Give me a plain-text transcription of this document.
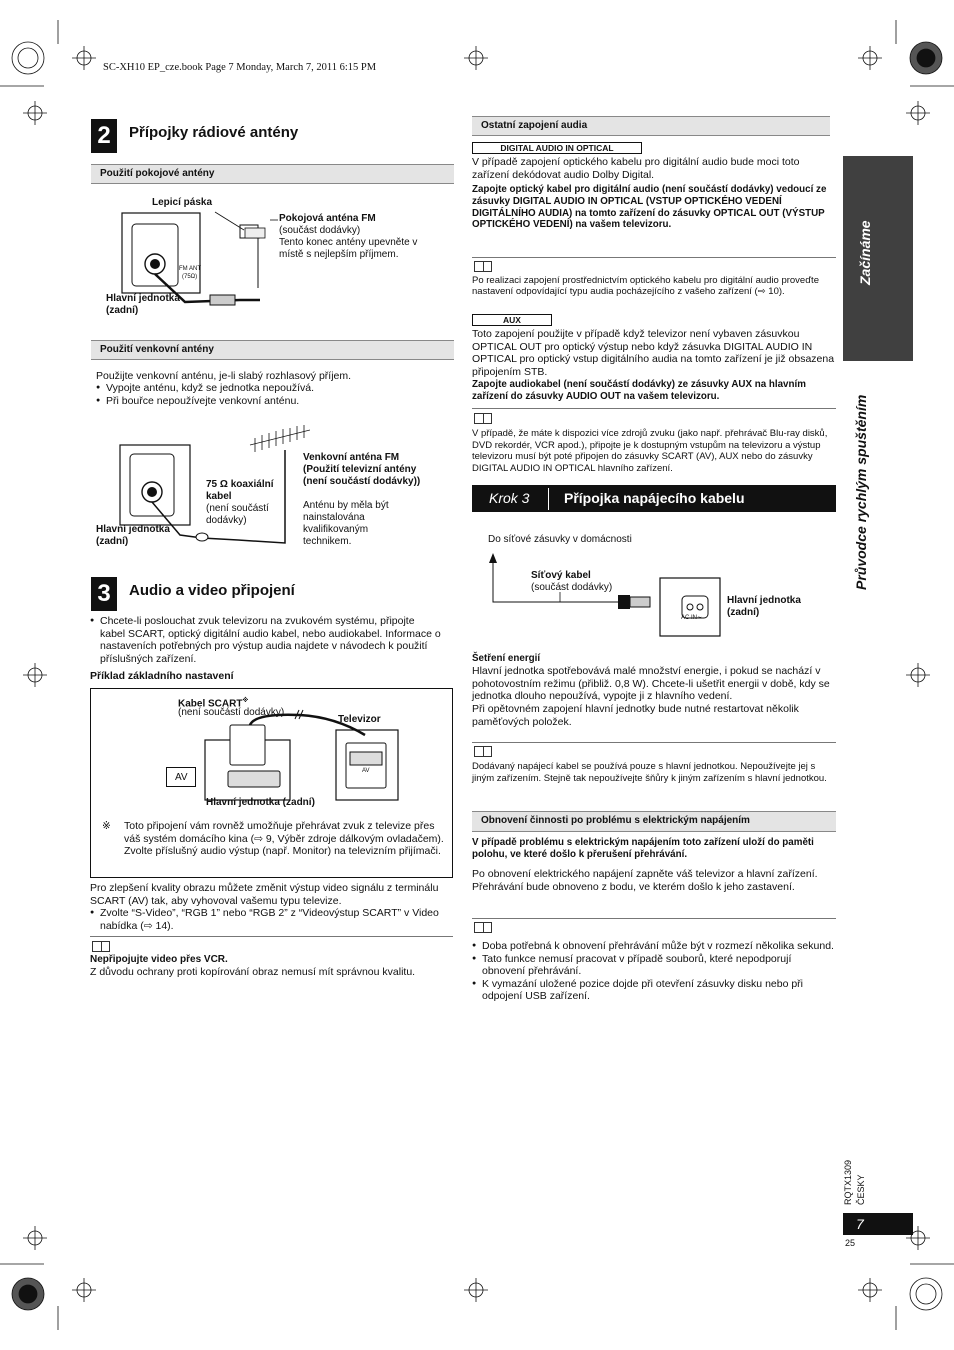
SC-XH10 EP_cze.book Page 7 Monday, March 7, 2011 6:15 PM
Začínáme
Průvodce rychlým spuštěním
2	Přípojky rádiové antény
Použití pokojové antény
FM ANT
(75Ω)
Lepicí páska
Pokojová anténa FM
(součást dodávky)
Tento konec antény upevněte v místě s nejlepším příjmem.
Hlavní jednotka (zadní)
Použití venkovní antény
Použijte venkovní anténu, je-li slabý rozhlasový příjem.
● Vypojte anténu, když se jednotka nepoužívá.
● Při bouřce nepoužívejte venkovní anténu.
75 Ω koaxiální kabel
(není součástí dodávky)
Venkovní anténa FM (Použití televizní antény (není součástí dodávky))
Anténu by měla být nainstalována kvalifikovaným technikem.
Hlavní jednotka (zadní)
3	Audio a video připojení
● Chcete-li poslouchat zvuk televizoru na zvukovém systému, připojte kabel SCART, optický digitální audio kabel, nebo audiokabel. Informace o nastaveních potřebných pro výstup audia najdete v návodech k použití příslušných zařízení.
Příklad základního nastavení
AV
AV
Kabel SCART※
(není součástí dodávky)
Televizor
Hlavní jednotka (zadní)
※ Toto připojení vám rovněž umožňuje přehrávat zvuk z televize přes váš systém domácího kina (⇨ 9, Výběr zdroje dálkovým ovladačem). Zvolte příslušný audio výstup (např. Monitor) na televizním přijímači.
Pro zlepšení kvality obrazu můžete změnit výstup video signálu z terminálu SCART (AV) tak, aby vyhovoval vašemu typu televize.
● Zvolte “S-Video”, “RGB 1” nebo “RGB 2” z “Videovýstup SCART” v Video nabídka (⇨ 14).
Nepřipojujte video přes VCR.
Z důvodu ochrany proti kopírování obraz nemusí mít správnou kvalitu.
Ostatní zapojení audia
DIGITAL AUDIO IN OPTICAL
V případě zapojení optického kabelu pro digitální audio bude moci toto zařízení dekódovat audio Dolby Digital.
Zapojte optický kabel pro digitální audio (není součástí dodávky) vedoucí ze zásuvky DIGITAL AUDIO IN OPTICAL (VSTUP OPTICKÉHO VEDENÍ DIGITÁLNÍHO AUDIA) na tomto zařízení do zásuvky OPTICAL OUT (VÝSTUP OPTICKÉHO VEDENÍ) na vašem televizoru.
Po realizaci zapojení prostřednictvím optického kabelu pro digitální audio proveďte nastavení odpovídající typu audia pocházejícího z vašeho zařízení (⇨ 10).
AUX
Toto zapojení použijte v případě když televizor není vybaven zásuvkou OPTICAL OUT pro optický výstup nebo když zásuvka DIGITAL AUDIO IN OPTICAL pro optický vstup digitálního audia na tomto zařízení je již obsazena připojením STB.
Zapojte audiokabel (není součástí dodávky) ze zásuvky AUX na hlavním zařízení do zásuvky AUDIO OUT na vašem televizoru.
V případě, že máte k dispozici více zdrojů zvuku (jako např. přehrávač Blu-ray disků, DVD rekordér, VCR apod.), připojte je k dostupným vstupům na televizoru a výstup televizoru musí být poté připojen do zásuvky SCART (AV), AUX nebo do zásuvky DIGITAL AUDIO IN OPTICAL hlavního zařízení.
Krok 3 Přípojka napájecího kabelu
AC IN∼
Do síťové zásuvky v domácnosti
Síťový kabel
(součást dodávky)
Hlavní jednotka (zadní)
Šetření energií
Hlavní jednotka spotřebovává malé množství energie, i pokud se nachází v pohotovostním režimu (přibliž. 0,8 W). Chcete-li ušetřit energii v době, kdy se jednotka dlouho nepoužívá, vypojte ji z hlavního vedení.
Při opětovném zapojení hlavní jednotky bude nutné restartovat několik paměťových položek.
Dodávaný napájecí kabel se používá pouze s hlavní jednotkou. Nepoužívejte jej s jiným zařízením. Stejně tak nepoužívejte šňůry k jiným zařízením s hlavní jednotkou.
Obnovení činnosti po problému s elektrickým napájením
V případě problému s elektrickým napájením toto zařízení uloží do paměti polohu, ve které došlo k přerušení přehrávání.
Po obnovení elektrického napájení zapněte váš televizor a hlavní zařízení. Přehrávání bude obnoveno z bodu, ve kterém došlo k jeho zastavení.
● Doba potřebná k obnovení přehrávání může být v rozmezí několika sekund.
● Tato funkce nemusí pracovat v případě souborů, které nepodporují obnovení přehrávání.
● K vymazání uložené pozice dojde při otevření zásuvky disku nebo při odpojení USB zařízení.
RQTX1309 ČESKY
7
25
